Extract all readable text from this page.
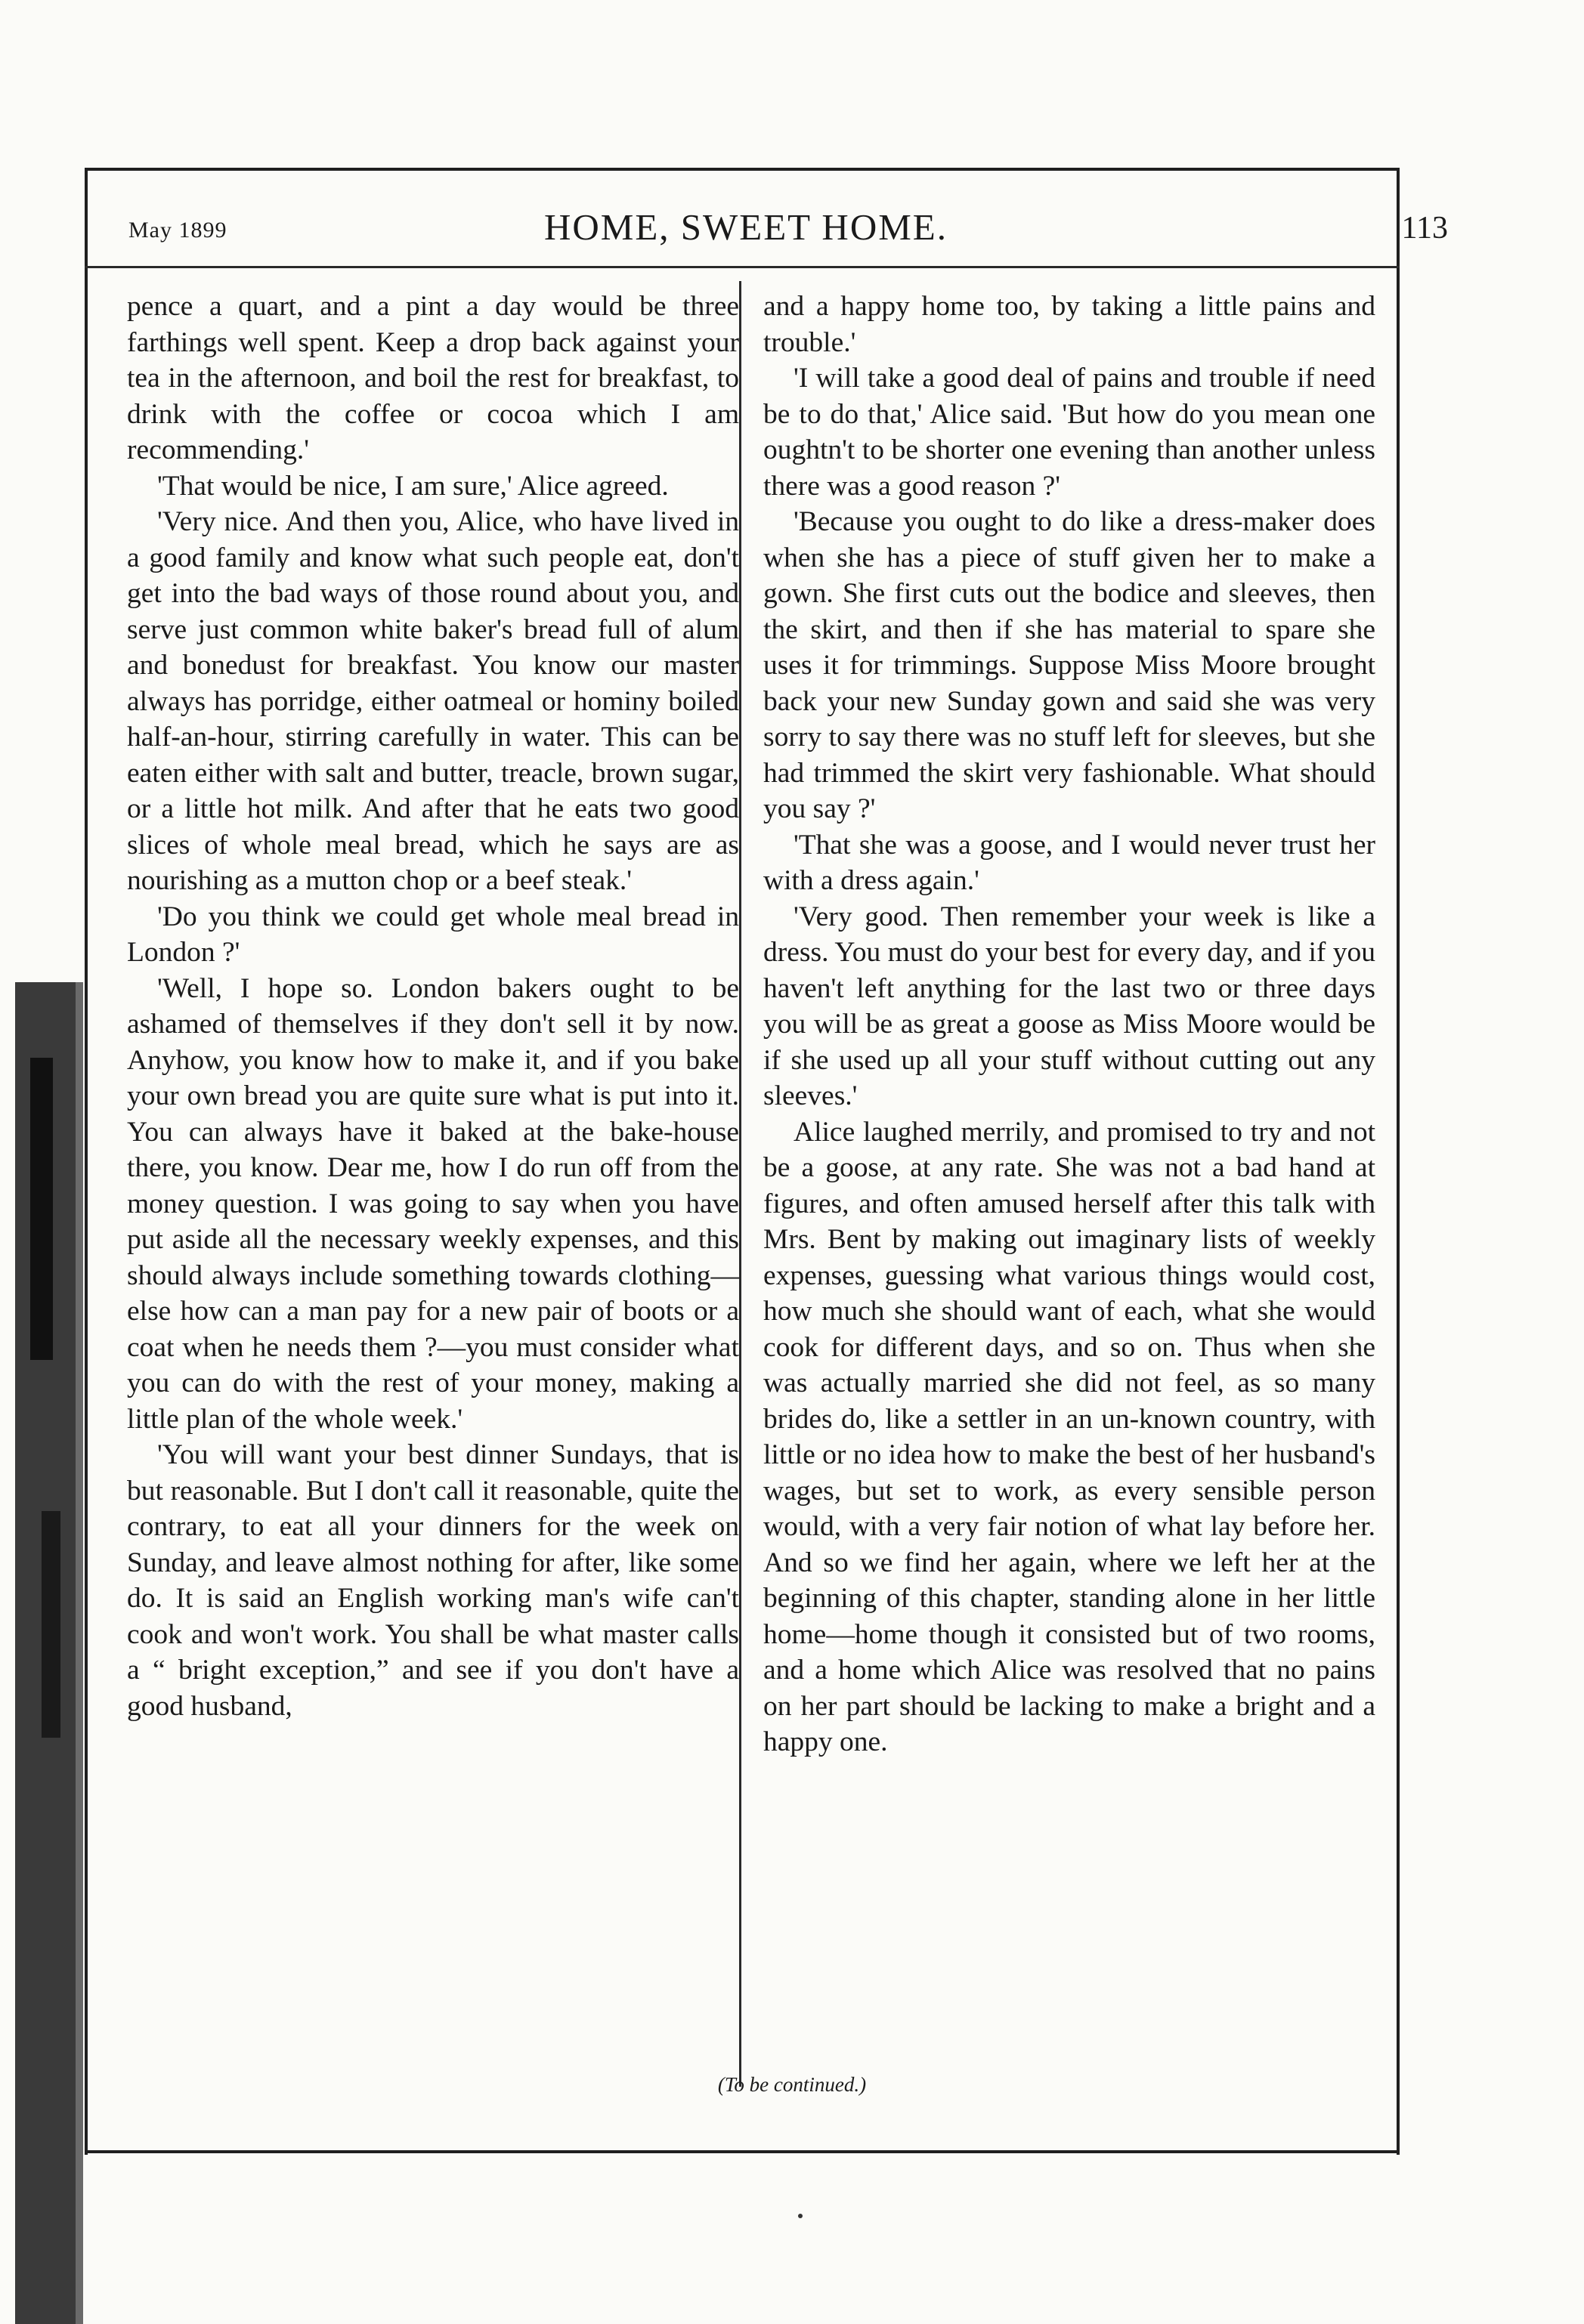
May 1899	HOME, SWEET HOME.	113

pence a quart, and a pint a day would be three farthings well spent. Keep a drop back against your tea in the afternoon, and boil the rest for breakfast, to drink with the coffee or cocoa which I am recommending.'

'That would be nice, I am sure,' Alice agreed.

'Very nice. And then you, Alice, who have lived in a good family and know what such people eat, don't get into the bad ways of those round about you, and serve just common white baker's bread full of alum and bonedust for breakfast. You know our master always has porridge, either oatmeal or hominy boiled half-an-hour, stirring carefully in water. This can be eaten either with salt and butter, treacle, brown sugar, or a little hot milk. And after that he eats two good slices of whole meal bread, which he says are as nourishing as a mutton chop or a beef steak.'

'Do you think we could get whole meal bread in London ?'

'Well, I hope so. London bakers ought to be ashamed of themselves if they don't sell it by now. Anyhow, you know how to make it, and if you bake your own bread you are quite sure what is put into it. You can always have it baked at the bake-house there, you know. Dear me, how I do run off from the money question. I was going to say when you have put aside all the necessary weekly expenses, and this should always include something towards clothing—else how can a man pay for a new pair of boots or a coat when he needs them ?—you must consider what you can do with the rest of your money, making a little plan of the whole week.'

'You will want your best dinner Sundays, that is but reasonable. But I don't call it reasonable, quite the contrary, to eat all your dinners for the week on Sunday, and leave almost nothing for after, like some do. It is said an English working man's wife can't cook and won't work. You shall be what master calls a “ bright exception,” and see if you don't have a good husband,

and a happy home too, by taking a little pains and trouble.'

'I will take a good deal of pains and trouble if need be to do that,' Alice said. 'But how do you mean one oughtn't to be shorter one evening than another unless there was a good reason ?'

'Because you ought to do like a dress-maker does when she has a piece of stuff given her to make a gown. She first cuts out the bodice and sleeves, then the skirt, and then if she has material to spare she uses it for trimmings. Suppose Miss Moore brought back your new Sunday gown and said she was very sorry to say there was no stuff left for sleeves, but she had trimmed the skirt very fashionable. What should you say ?'

'That she was a goose, and I would never trust her with a dress again.'

'Very good. Then remember your week is like a dress. You must do your best for every day, and if you haven't left anything for the last two or three days you will be as great a goose as Miss Moore would be if she used up all your stuff without cutting out any sleeves.'

Alice laughed merrily, and promised to try and not be a goose, at any rate. She was not a bad hand at figures, and often amused herself after this talk with Mrs. Bent by making out imaginary lists of weekly expenses, guessing what various things would cost, how much she should want of each, what she would cook for different days, and so on. Thus when she was actually married she did not feel, as so many brides do, like a settler in an un-known country, with little or no idea how to make the best of her husband's wages, but set to work, as every sensible person would, with a very fair notion of what lay before her. And so we find her again, where we left her at the beginning of this chapter, standing alone in her little home—home though it consisted but of two rooms, and a home which Alice was resolved that no pains on her part should be lacking to make a bright and a happy one.

(To be continued.)
